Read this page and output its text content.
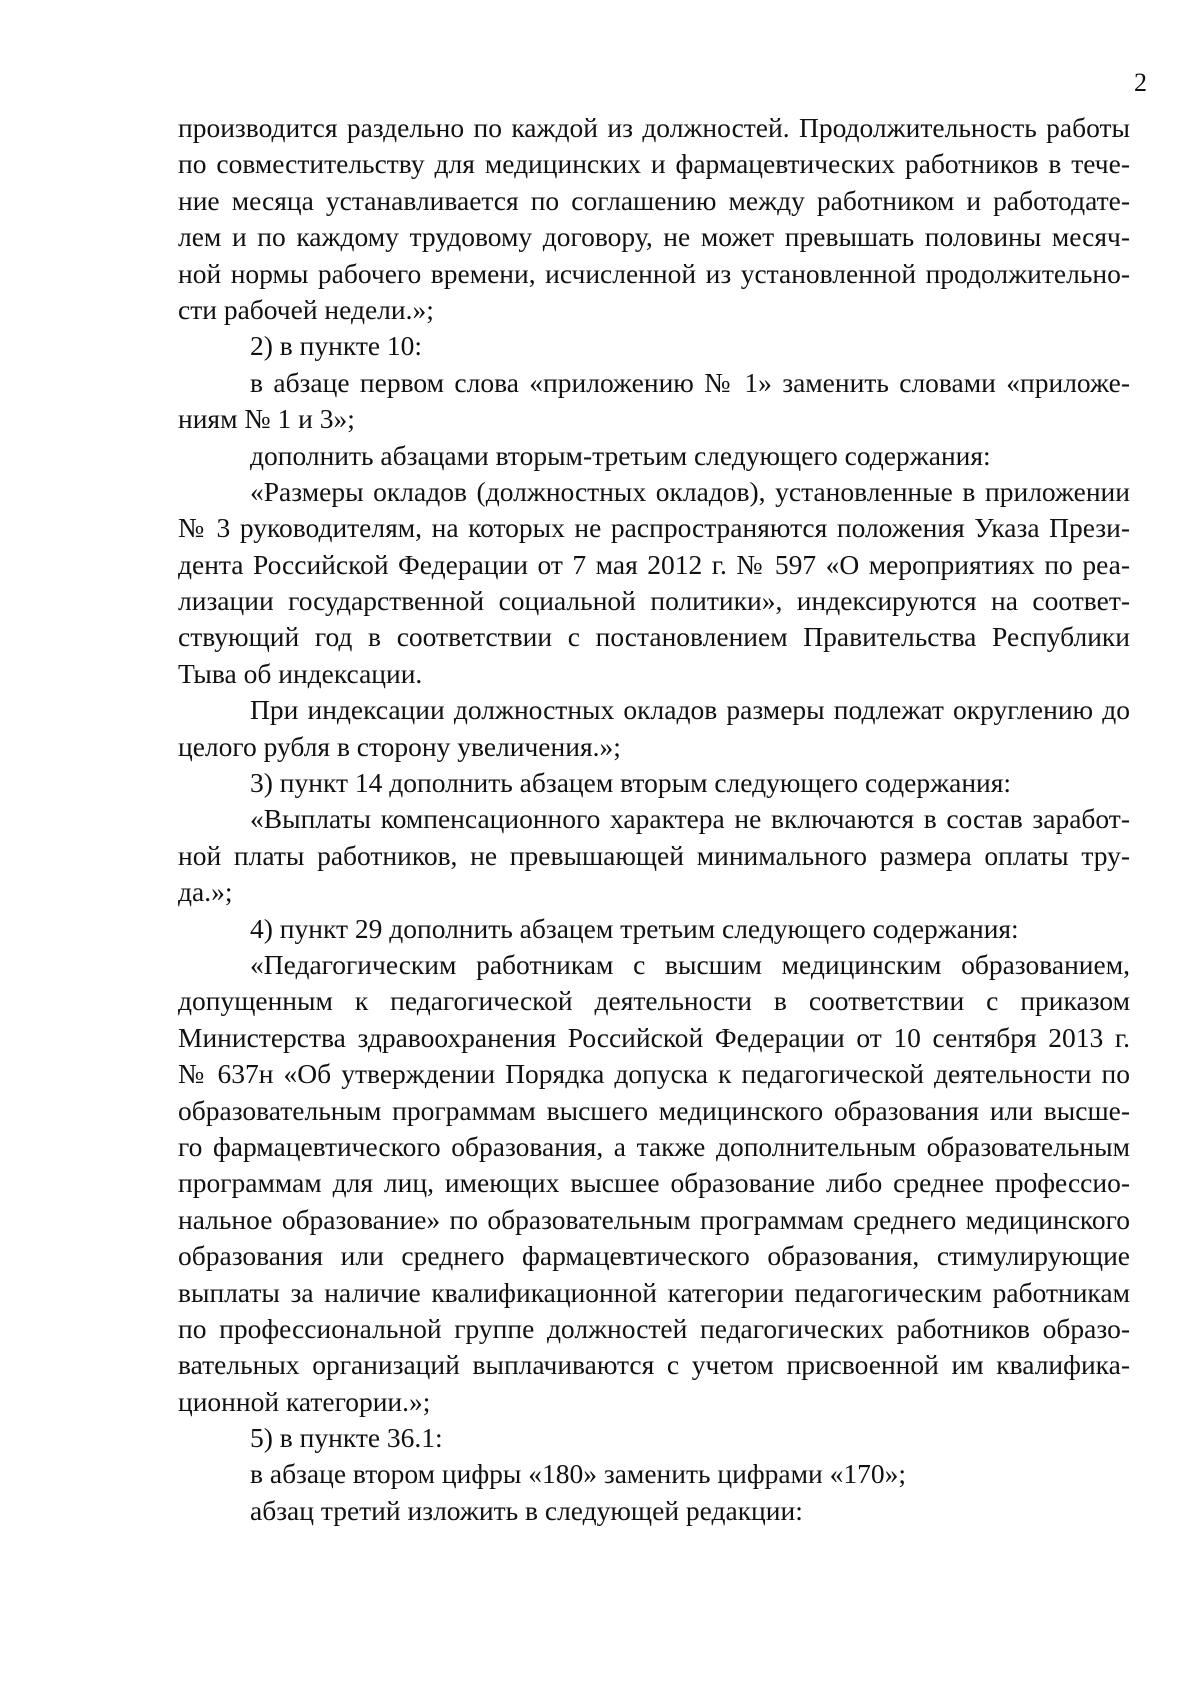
2
производится раздельно по каждой из должностей. Продолжительность работы
по совместительству для медицинских и фармацевтических работников в тече-
ние месяца устанавливается по соглашению между работником и работодате-
лем и по каждому трудовому договору, не может превышать половины месяч-
ной нормы рабочего времени, исчисленной из установленной продолжительно-
сти рабочей недели.»;
2) в пункте 10:
в абзаце первом слова «приложению № 1» заменить словами «приложе-
ниям № 1 и 3»;
дополнить абзацами вторым-третьим следующего содержания:
«Размеры окладов (должностных окладов), установленные в приложении
№ 3 руководителям, на которых не распространяются положения Указа Прези-
дента Российской Федерации от 7 мая 2012 г. № 597 «О мероприятиях по реа-
лизации государственной социальной политики», индексируются на соответ-
ствующий год в соответствии с постановлением Правительства Республики
Тыва об индексации.
При индексации должностных окладов размеры подлежат округлению до
целого рубля в сторону увеличения.»;
3) пункт 14 дополнить абзацем вторым следующего содержания:
«Выплаты компенсационного характера не включаются в состав заработ-
ной платы работников, не превышающей минимального размера оплаты тру-
да.»;
4) пункт 29 дополнить абзацем третьим следующего содержания:
«Педагогическим работникам с высшим медицинским образованием,
допущенным к педагогической деятельности в соответствии с приказом
Министерства здравоохранения Российской Федерации от 10 сентября 2013 г.
№ 637н «Об утверждении Порядка допуска к педагогической деятельности по
образовательным программам высшего медицинского образования или высше-
го фармацевтического образования, а также дополнительным образовательным
программам для лиц, имеющих высшее образование либо среднее профессио-
нальное образование» по образовательным программам среднего медицинского
образования или среднего фармацевтического образования, стимулирующие
выплаты за наличие квалификационной категории педагогическим работникам
по профессиональной группе должностей педагогических работников образо-
вательных организаций выплачиваются с учетом присвоенной им квалифика-
ционной категории.»;
5) в пункте 36.1:
в абзаце втором цифры «180» заменить цифрами «170»;
абзац третий изложить в следующей редакции:
